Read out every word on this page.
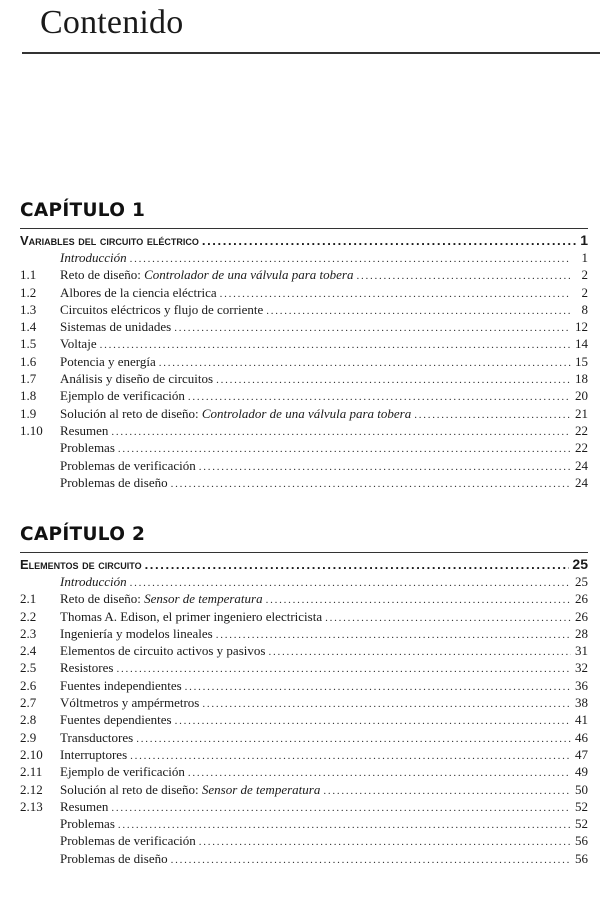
Contenido
CAPÍTULO 1
Variables del circuito eléctrico . . .	1
Introducción . . .	1
1.1	Reto de diseño: Controlador de una válvula para tobera . . .	2
1.2	Albores de la ciencia eléctrica . . .	2
1.3	Circuitos eléctricos y flujo de corriente . . .	8
1.4	Sistemas de unidades . . .	12
1.5	Voltaje . . .	14
1.6	Potencia y energía . . .	15
1.7	Análisis y diseño de circuitos . . .	18
1.8	Ejemplo de verificación . . .	20
1.9	Solución al reto de diseño: Controlador de una válvula para tobera . . .	21
1.10	Resumen . . .	22
Problemas . . .	22
Problemas de verificación . . .	24
Problemas de diseño . . .	24
CAPÍTULO 2
Elementos de circuito . . .	25
Introducción . . .	25
2.1	Reto de diseño: Sensor de temperatura . . .	26
2.2	Thomas A. Edison, el primer ingeniero electricista . . .	26
2.3	Ingeniería y modelos lineales . . .	28
2.4	Elementos de circuito activos y pasivos . . .	31
2.5	Resistores . . .	32
2.6	Fuentes independientes . . .	36
2.7	Vóltmetros y ampérmetros . . .	38
2.8	Fuentes dependientes . . .	41
2.9	Transductores . . .	46
2.10	Interruptores . . .	47
2.11	Ejemplo de verificación . . .	49
2.12	Solución al reto de diseño: Sensor de temperatura . . .	50
2.13	Resumen . . .	52
Problemas . . .	52
Problemas de verificación . . .	56
Problemas de diseño . . .	56
